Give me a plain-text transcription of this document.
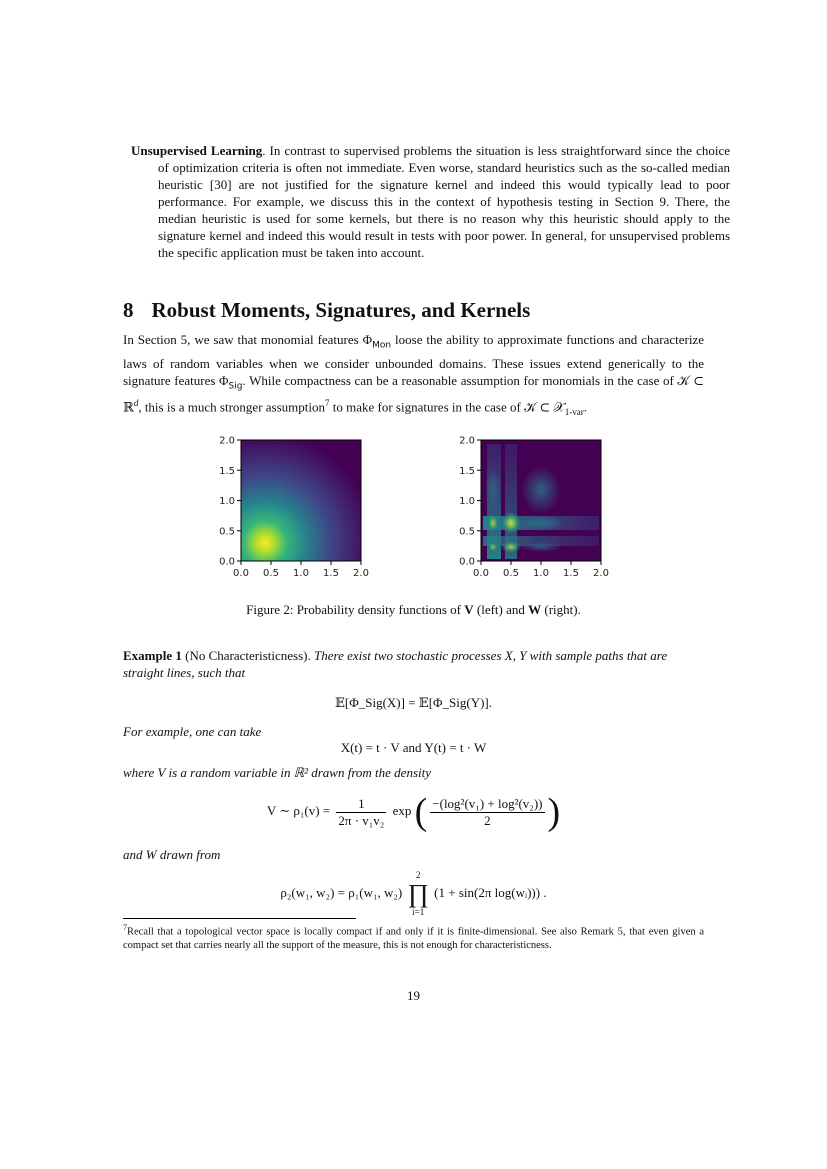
Unsupervised Learning. In contrast to supervised problems the situation is less straightforward since the choice of optimization criteria is often not immediate. Even worse, standard heuristics such as the so-called median heuristic [30] are not justified for the signature kernel and indeed this would typically lead to poor performance. For example, we discuss this in the context of hypothesis testing in Section 9. There, the median heuristic is used for some kernels, but there is no reason why this heuristic should apply to the signature kernel and indeed this would result in tests with poor power. In general, for unsupervised problems the specific application must be taken into account.
8 Robust Moments, Signatures, and Kernels
In Section 5, we saw that monomial features $\Phi_{Mon}$ loose the ability to approximate functions and characterize laws of random variables when we consider unbounded domains. These issues extend generically to the signature features $\Phi_{Sig}$. While compactness can be a reasonable assumption for monomials in the case of 𝒦 ⊂ ℝ$^d$, this is a much stronger assumption$^7$ to make for signatures in the case of 𝒦 ⊂ 𝒳$_{1-var}$.
0.0
0.5
1.0
1.5
2.0
0.0 0.5 1.0 1.5 2.0
0.0
0.5
1.0
1.5
2.0
0.0 0.5 1.0 1.5 2.0
Figure 2: Probability density functions of V (left) and W (right).
Example 1 (No Characteristicness). There exist two stochastic processes X, Y with sample paths that are straight lines, such that
𝔼[Φ_Sig(X)] = 𝔼[Φ_Sig(Y)].
For example, one can take
X(t) = t · V and Y(t) = t · W
where V is a random variable in ℝ² drawn from the density
V ∼ $\rho_1(v) = \frac{1}{\text{2π · v₁v₂}}$ exp ( $\frac{\text{−(log²(v₁) + log²(v₂))}}{2}$ )
and W drawn from
ρ₂(w₁, w₂) = ρ₁(w₁, w₂)
2
∏
i=1
(1 + sin(2π log(wᵢ))) .
$^7$Recall that a topological vector space is locally compact if and only if it is finite-dimensional. See also Remark 5, that even given a compact set that carries nearly all the support of the measure, this is not enough for characteristicness.
19
